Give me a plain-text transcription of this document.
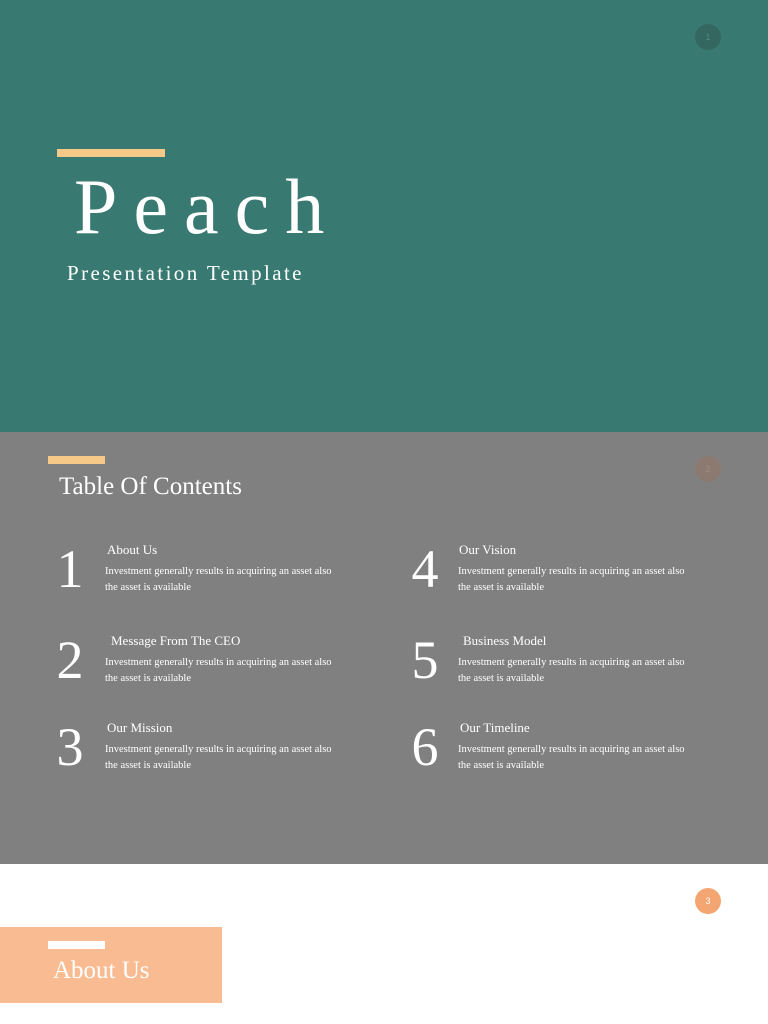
1
Peach
Presentation Template
2
Table Of Contents
1	About Us
Investment generally results in acquiring an asset also the asset is available
2	Message From The CEO
Investment generally results in acquiring an asset also the asset is available
3	Our Mission
Investment generally results in acquiring an asset also the asset is available
4	Our Vision
Investment generally results in acquiring an asset also the asset is available
5	Business Model
Investment generally results in acquiring an asset also the asset is available
6	Our Timeline
Investment generally results in acquiring an asset also the asset is available
3
About Us
